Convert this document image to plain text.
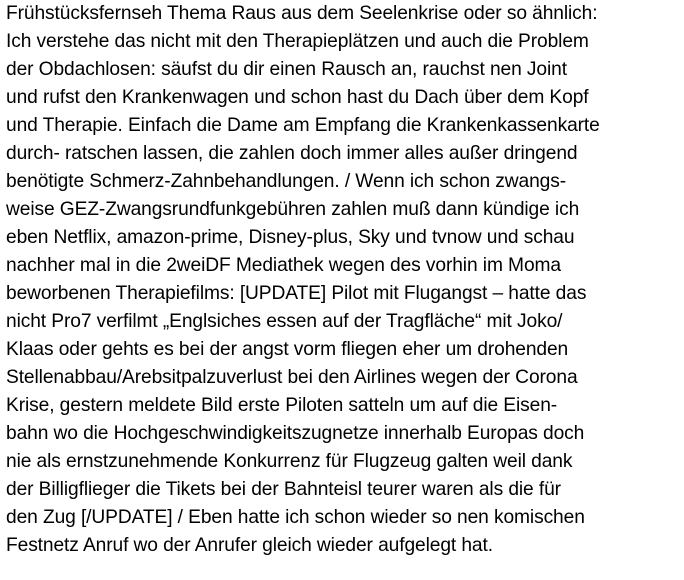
Frühstücksfernseh Thema Raus aus dem Seelenkrise oder so ähnlich:
Ich verstehe das nicht mit den Therapieplätzen und auch die Problem
der Obdachlosen: säufst du dir einen Rausch an, rauchst nen Joint
und rufst den Krankenwagen und schon hast du Dach über dem Kopf
und Therapie. Einfach die Dame am Empfang die Krankenkassenkarte
durch- ratschen lassen, die zahlen doch immer alles außer dringend
benötigte Schmerz-Zahnbehandlungen. / Wenn ich schon zwangs-
weise GEZ-Zwangsrundfunkgebühren zahlen muß dann kündige ich
eben Netflix, amazon-prime, Disney-plus, Sky und tvnow und schau
nachher mal in die 2weiDF Mediathek wegen des vorhin im Moma
beworbenen Therapiefilms: [UPDATE] Pilot mit Flugangst – hatte das
nicht Pro7 verfilmt „Englsiches essen auf der Tragfläche“ mit Joko/
Klaas oder gehts es bei der angst vorm fliegen eher um drohenden
Stellenabbau/Arebsitpalzuverlust bei den Airlines wegen der Corona
Krise, gestern meldete Bild erste Piloten satteln um auf die Eisen-
bahn wo die Hochgeschwindigkeitszugnetze innerhalb Europas doch
nie als ernstzunehmende Konkurrenz für Flugzeug galten weil dank
der Billigflieger die Tikets bei der Bahnteisl teurer waren als die für
den Zug [/UPDATE] / Eben hatte ich schon wieder so nen komischen
Festnetz Anruf wo der Anrufer gleich wieder aufgelegt hat.
